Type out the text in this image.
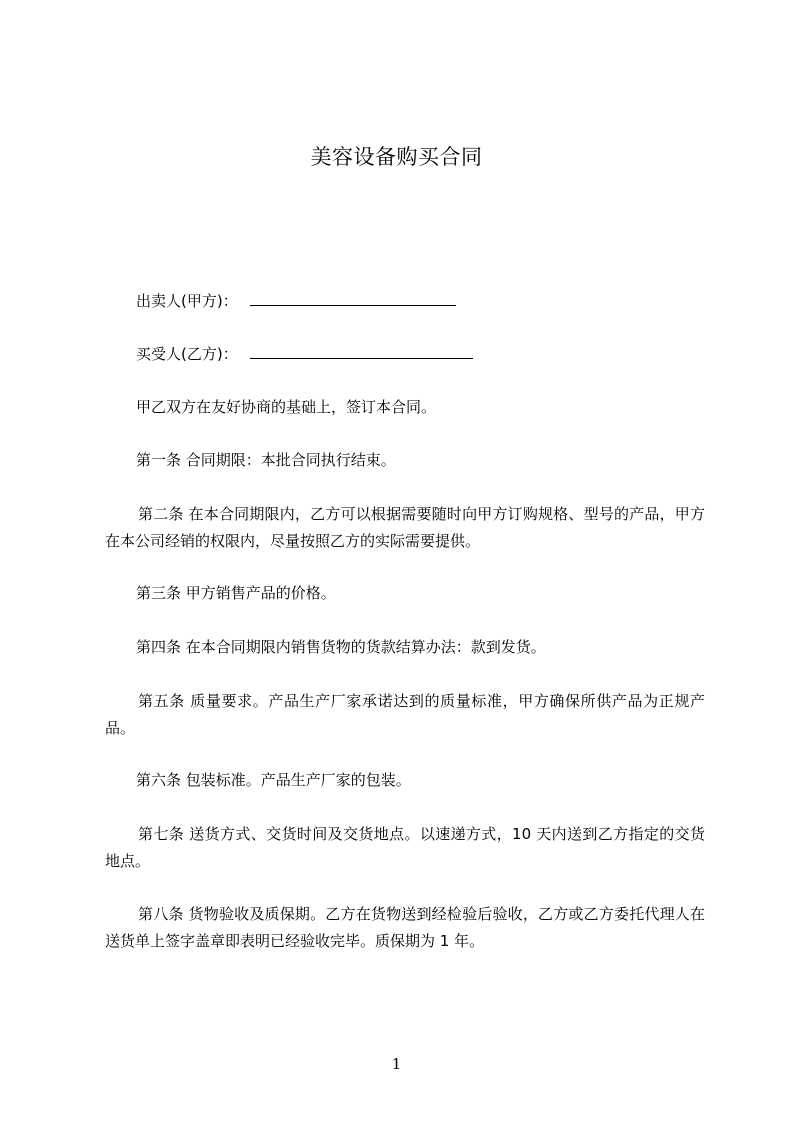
美容设备购买合同
出卖人(甲方)：
买受人(乙方)：
甲乙双方在友好协商的基础上，签订本合同。
第一条 合同期限：本批合同执行结束。
第二条 在本合同期限内，乙方可以根据需要随时向甲方订购规格、型号的产品，甲方在本公司经销的权限内，尽量按照乙方的实际需要提供。
第三条 甲方销售产品的价格。
第四条 在本合同期限内销售货物的货款结算办法：款到发货。
第五条 质量要求。产品生产厂家承诺达到的质量标准，甲方确保所供产品为正规产品。
第六条 包装标准。产品生产厂家的包装。
第七条 送货方式、交货时间及交货地点。以速递方式，10 天内送到乙方指定的交货地点。
第八条 货物验收及质保期。乙方在货物送到经检验后验收，乙方或乙方委托代理人在送货单上签字盖章即表明已经验收完毕。质保期为 1 年。
1
